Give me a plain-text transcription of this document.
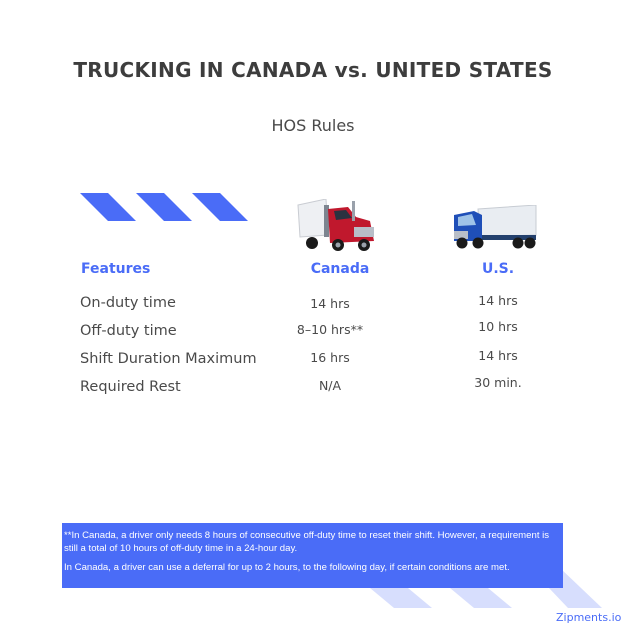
TRUCKING IN CANADA vs. UNITED STATES
HOS Rules
Features	Canada	U.S.
On-duty time	14 hrs	14 hrs
Off-duty time	8–10 hrs**	10 hrs
Shift Duration Maximum	16 hrs	14 hrs
Required Rest	N/A	30 min.

**In Canada, a driver only needs 8 hours of consecutive off-duty time to reset their shift. However, a requirement is still a total of 10 hours of off-duty time in a 24-hour day.

In Canada, a driver can use a deferral for up to 2 hours, to the following day, if certain conditions are met.

Zipments.io
